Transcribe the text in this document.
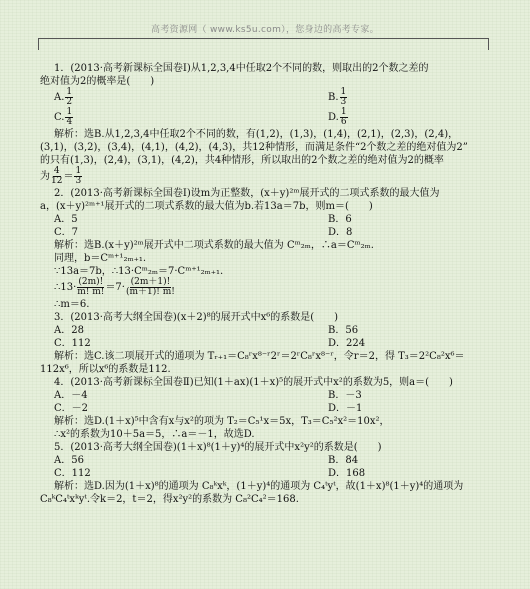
高考资源网（ www.ks5u.com），您身边的高考专家。

1．(2013·高考新课标全国卷Ⅰ)从1,2,3,4中任取2个不同的数，则取出的2个数之差的

绝对值为2的概率是(　　)

A. $\frac{1}{2}$	B. $\frac{1}{3}$
C. $\frac{1}{4}$	D. $\frac{1}{6}$

解析：选B.从1,2,3,4中任取2个不同的数，有(1,2)，(1,3)，(1,4)，(2,1)，(2,3)，(2,4)，

(3,1)，(3,2)，(3,4)，(4,1)，(4,2)，(4,3)，共12种情形，而满足条件“2个数之差的绝对值为2”

的只有(1,3)，(2,4)，(3,1)，(4,2)，共4种情形，所以取出的2个数之差的绝对值为2的概率

为 $\frac{4}{12} = \frac{1}{3}$

2．(2013·高考新课标全国卷Ⅰ)设m为正整数，(x＋y)²ᵐ展开式的二项式系数的最大值为

a，(x＋y)²ᵐ⁺¹展开式的二项式系数的最大值为b.若13a＝7b，则m＝(　　)

A．5	B．6
C．7	D．8

解析：选B.(x＋y)²ᵐ展开式中二项式系数的最大值为 Cᵐ₂ₘ，∴a＝Cᵐ₂ₘ.

同理，b＝Cᵐ⁺¹₂ₘ₊₁.

∵13a＝7b，∴13·Cᵐ₂ₘ＝7·Cᵐ⁺¹₂ₘ₊₁.

∴13· $\frac{(2m)!}{m! m!} =7\cdot \frac{(2m+1)!}{(m+1)! m!}$

∴m＝6.

3．(2013·高考大纲全国卷)(x＋2)⁸的展开式中x⁶的系数是(　　)

A．28	B．56
C．112	D．224

解析：选C.该二项展开式的通项为 Tᵣ₊₁＝C₈ʳx⁸⁻ʳ2ʳ＝2ʳC₈ʳx⁸⁻ʳ，令r＝2，得 T₃＝2²C₈²x⁶＝

112x⁶，所以x⁶的系数是112.

4．(2013·高考新课标全国卷Ⅱ)已知(1＋ax)(1＋x)⁵的展开式中x²的系数为5，则a＝(　　)

A．－4	B．－3
C．－2	D．－1

解析：选D.(1＋x)⁵中含有x与x²的项为 T₂＝C₅¹x＝5x，T₃＝C₅²x²＝10x²，

∴x²的系数为10＋5a＝5，∴a＝－1，故选D.

5．(2013·高考大纲全国卷)(1＋x)⁸(1＋y)⁴的展开式中x²y²的系数是(　　)

A．56	B．84
C．112	D．168

解析：选D.因为(1＋x)⁸的通项为 C₈ᵏxᵏ，(1＋y)⁴的通项为 C₄ᵗyᵗ，故(1＋x)⁸(1＋y)⁴的通项为

C₈ᵏC₄ᵗxᵏyᵗ.令k＝2，t＝2，得x²y²的系数为 C₈²C₄²＝168.
